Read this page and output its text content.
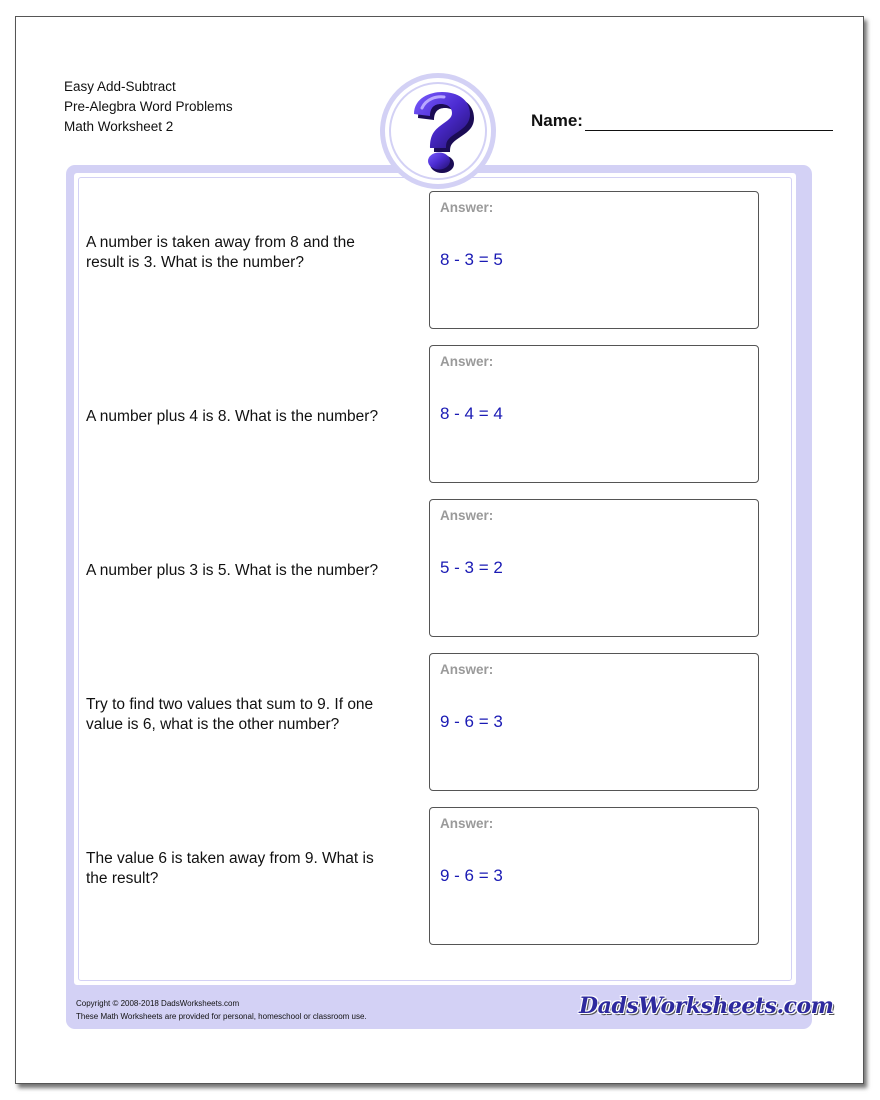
Easy Add-Subtract
Pre-Alegbra Word Problems
Math Worksheet 2	Name:
Copyright © 2008-2018 DadsWorksheets.com
These Math Worksheets are provided for personal, homeschool or classroom use.	DadsWorksheets.com
A number is taken away from 8 and the result is 3. What is the number?
Answer:
8 - 3 = 5
A number plus 4 is 8. What is the number?
Answer:
8 - 4 = 4
A number plus 3 is 5. What is the number?
Answer:
5 - 3 = 2
Try to find two values that sum to 9. If one value is 6, what is the other number?
Answer:
9 - 6 = 3
The value 6 is taken away from 9. What is the result?
Answer:
9 - 6 = 3
